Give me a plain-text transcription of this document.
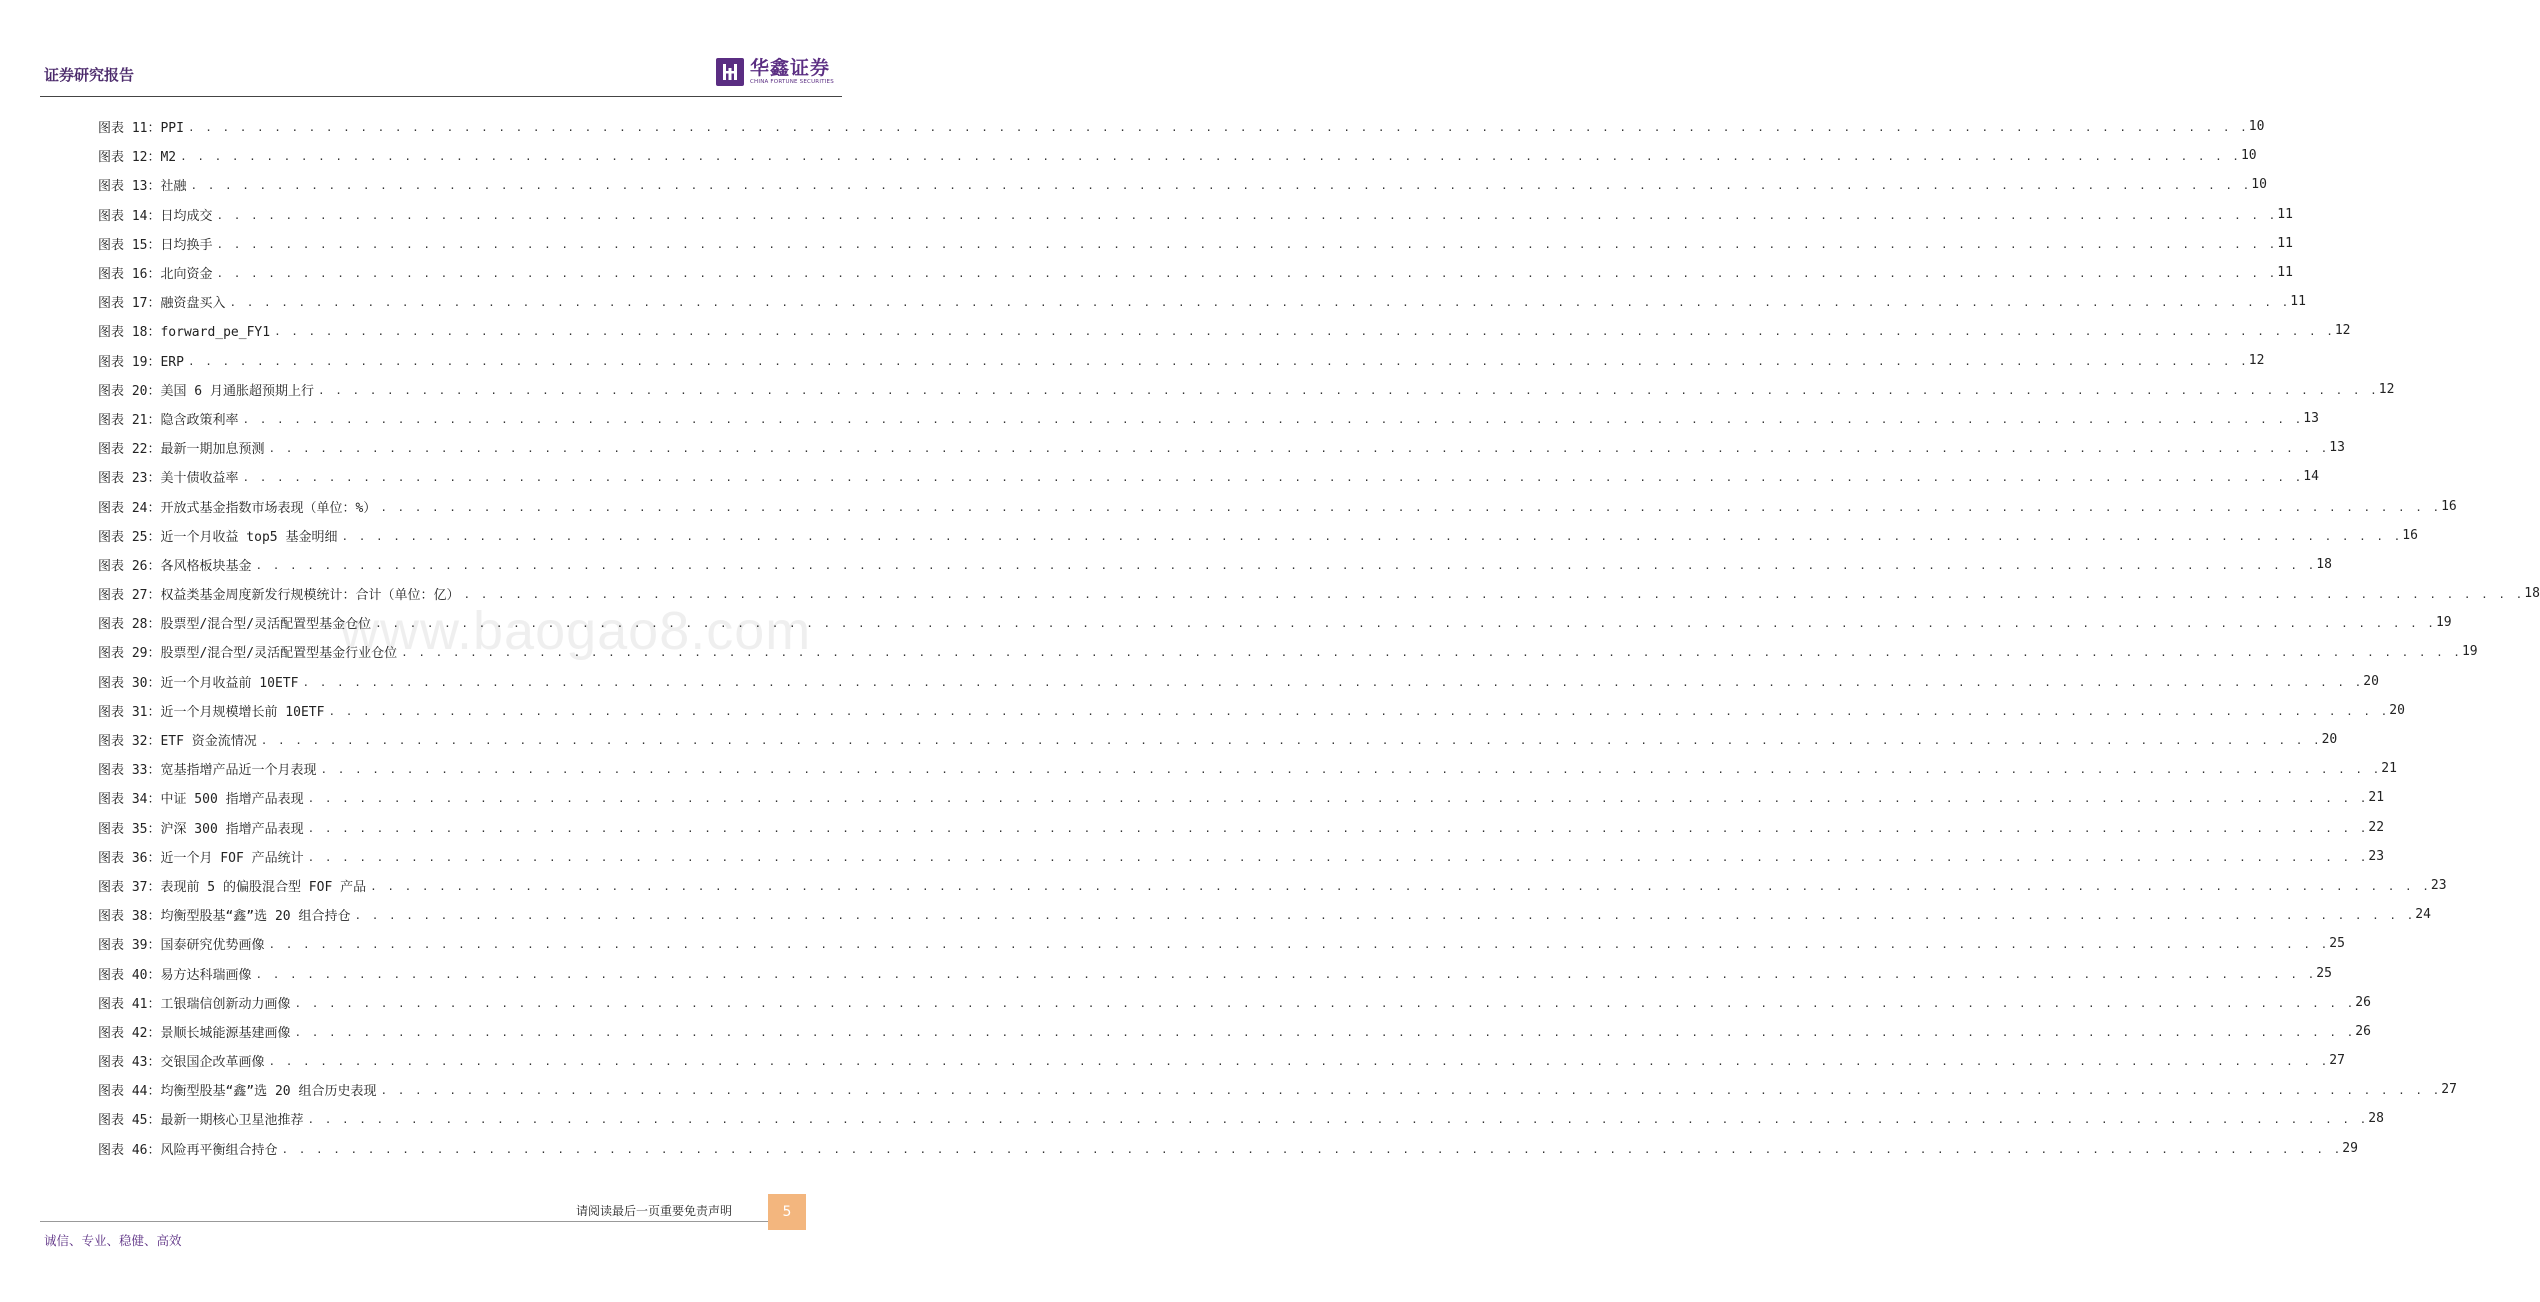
证券研究报告	华鑫证券
CHINA FORTUNE SECURITIES
www.baogao8.com
图表 11：PPI . . . . . . . . . . . . . . . . . . . . . . . . . . . . . . . . . . . . . . . . . . . . . . . . . . . . . . . . . . . . . . . . . . . . . . . . . . . . . . . . . . . . . . . . . . . . . . . . . . . . . . . . . . . . . . . . . . . . . . . . 10
图表 12：M2 . . . . . . . . . . . . . . . . . . . . . . . . . . . . . . . . . . . . . . . . . . . . . . . . . . . . . . . . . . . . . . . . . . . . . . . . . . . . . . . . . . . . . . . . . . . . . . . . . . . . . . . . . . . . . . . . . . . . . . . . 10
图表 13：社融 . . . . . . . . . . . . . . . . . . . . . . . . . . . . . . . . . . . . . . . . . . . . . . . . . . . . . . . . . . . . . . . . . . . . . . . . . . . . . . . . . . . . . . . . . . . . . . . . . . . . . . . . . . . . . . . . . . . . . . . . 10
图表 14：日均成交 . . . . . . . . . . . . . . . . . . . . . . . . . . . . . . . . . . . . . . . . . . . . . . . . . . . . . . . . . . . . . . . . . . . . . . . . . . . . . . . . . . . . . . . . . . . . . . . . . . . . . . . . . . . . . . . . . . . . . . . . 11
图表 15：日均换手 . . . . . . . . . . . . . . . . . . . . . . . . . . . . . . . . . . . . . . . . . . . . . . . . . . . . . . . . . . . . . . . . . . . . . . . . . . . . . . . . . . . . . . . . . . . . . . . . . . . . . . . . . . . . . . . . . . . . . . . . 11
图表 16：北向资金 . . . . . . . . . . . . . . . . . . . . . . . . . . . . . . . . . . . . . . . . . . . . . . . . . . . . . . . . . . . . . . . . . . . . . . . . . . . . . . . . . . . . . . . . . . . . . . . . . . . . . . . . . . . . . . . . . . . . . . . . 11
图表 17：融资盘买入 . . . . . . . . . . . . . . . . . . . . . . . . . . . . . . . . . . . . . . . . . . . . . . . . . . . . . . . . . . . . . . . . . . . . . . . . . . . . . . . . . . . . . . . . . . . . . . . . . . . . . . . . . . . . . . . . . . . . . . . . 11
图表 18：forward_pe_FY1 . . . . . . . . . . . . . . . . . . . . . . . . . . . . . . . . . . . . . . . . . . . . . . . . . . . . . . . . . . . . . . . . . . . . . . . . . . . . . . . . . . . . . . . . . . . . . . . . . . . . . . . . . . . . . . . . . . . . . . . . 12
图表 19：ERP . . . . . . . . . . . . . . . . . . . . . . . . . . . . . . . . . . . . . . . . . . . . . . . . . . . . . . . . . . . . . . . . . . . . . . . . . . . . . . . . . . . . . . . . . . . . . . . . . . . . . . . . . . . . . . . . . . . . . . . . 12
图表 20：美国 6 月通胀超预期上行 . . . . . . . . . . . . . . . . . . . . . . . . . . . . . . . . . . . . . . . . . . . . . . . . . . . . . . . . . . . . . . . . . . . . . . . . . . . . . . . . . . . . . . . . . . . . . . . . . . . . . . . . . . . . . . . . . . . . . . . . 12
图表 21：隐含政策利率 . . . . . . . . . . . . . . . . . . . . . . . . . . . . . . . . . . . . . . . . . . . . . . . . . . . . . . . . . . . . . . . . . . . . . . . . . . . . . . . . . . . . . . . . . . . . . . . . . . . . . . . . . . . . . . . . . . . . . . . . 13
图表 22：最新一期加息预测 . . . . . . . . . . . . . . . . . . . . . . . . . . . . . . . . . . . . . . . . . . . . . . . . . . . . . . . . . . . . . . . . . . . . . . . . . . . . . . . . . . . . . . . . . . . . . . . . . . . . . . . . . . . . . . . . . . . . . . . . 13
图表 23：美十债收益率 . . . . . . . . . . . . . . . . . . . . . . . . . . . . . . . . . . . . . . . . . . . . . . . . . . . . . . . . . . . . . . . . . . . . . . . . . . . . . . . . . . . . . . . . . . . . . . . . . . . . . . . . . . . . . . . . . . . . . . . . 14
图表 24：开放式基金指数市场表现（单位：%） . . . . . . . . . . . . . . . . . . . . . . . . . . . . . . . . . . . . . . . . . . . . . . . . . . . . . . . . . . . . . . . . . . . . . . . . . . . . . . . . . . . . . . . . . . . . . . . . . . . . . . . . . . . . . . . . . . . . . . . . 16
图表 25：近一个月收益 top5 基金明细 . . . . . . . . . . . . . . . . . . . . . . . . . . . . . . . . . . . . . . . . . . . . . . . . . . . . . . . . . . . . . . . . . . . . . . . . . . . . . . . . . . . . . . . . . . . . . . . . . . . . . . . . . . . . . . . . . . . . . . . . 16
图表 26：各风格板块基金 . . . . . . . . . . . . . . . . . . . . . . . . . . . . . . . . . . . . . . . . . . . . . . . . . . . . . . . . . . . . . . . . . . . . . . . . . . . . . . . . . . . . . . . . . . . . . . . . . . . . . . . . . . . . . . . . . . . . . . . . 18
图表 27：权益类基金周度新发行规模统计：合计（单位：亿） . . . . . . . . . . . . . . . . . . . . . . . . . . . . . . . . . . . . . . . . . . . . . . . . . . . . . . . . . . . . . . . . . . . . . . . . . . . . . . . . . . . . . . . . . . . . . . . . . . . . . . . . . . . . . . . . . . . . . . . . 18
图表 28：股票型/混合型/灵活配置型基金仓位 . . . . . . . . . . . . . . . . . . . . . . . . . . . . . . . . . . . . . . . . . . . . . . . . . . . . . . . . . . . . . . . . . . . . . . . . . . . . . . . . . . . . . . . . . . . . . . . . . . . . . . . . . . . . . . . . . . . . . . . . 19
图表 29：股票型/混合型/灵活配置型基金行业仓位 . . . . . . . . . . . . . . . . . . . . . . . . . . . . . . . . . . . . . . . . . . . . . . . . . . . . . . . . . . . . . . . . . . . . . . . . . . . . . . . . . . . . . . . . . . . . . . . . . . . . . . . . . . . . . . . . . . . . . . . . 19
图表 30：近一个月收益前 10ETF . . . . . . . . . . . . . . . . . . . . . . . . . . . . . . . . . . . . . . . . . . . . . . . . . . . . . . . . . . . . . . . . . . . . . . . . . . . . . . . . . . . . . . . . . . . . . . . . . . . . . . . . . . . . . . . . . . . . . . . . 20
图表 31：近一个月规模增长前 10ETF . . . . . . . . . . . . . . . . . . . . . . . . . . . . . . . . . . . . . . . . . . . . . . . . . . . . . . . . . . . . . . . . . . . . . . . . . . . . . . . . . . . . . . . . . . . . . . . . . . . . . . . . . . . . . . . . . . . . . . . . 20
图表 32：ETF 资金流情况 . . . . . . . . . . . . . . . . . . . . . . . . . . . . . . . . . . . . . . . . . . . . . . . . . . . . . . . . . . . . . . . . . . . . . . . . . . . . . . . . . . . . . . . . . . . . . . . . . . . . . . . . . . . . . . . . . . . . . . . . 20
图表 33：宽基指增产品近一个月表现 . . . . . . . . . . . . . . . . . . . . . . . . . . . . . . . . . . . . . . . . . . . . . . . . . . . . . . . . . . . . . . . . . . . . . . . . . . . . . . . . . . . . . . . . . . . . . . . . . . . . . . . . . . . . . . . . . . . . . . . . 21
图表 34：中证 500 指增产品表现 . . . . . . . . . . . . . . . . . . . . . . . . . . . . . . . . . . . . . . . . . . . . . . . . . . . . . . . . . . . . . . . . . . . . . . . . . . . . . . . . . . . . . . . . . . . . . . . . . . . . . . . . . . . . . . . . . . . . . . . . 21
图表 35：沪深 300 指增产品表现 . . . . . . . . . . . . . . . . . . . . . . . . . . . . . . . . . . . . . . . . . . . . . . . . . . . . . . . . . . . . . . . . . . . . . . . . . . . . . . . . . . . . . . . . . . . . . . . . . . . . . . . . . . . . . . . . . . . . . . . . 22
图表 36：近一个月 FOF 产品统计 . . . . . . . . . . . . . . . . . . . . . . . . . . . . . . . . . . . . . . . . . . . . . . . . . . . . . . . . . . . . . . . . . . . . . . . . . . . . . . . . . . . . . . . . . . . . . . . . . . . . . . . . . . . . . . . . . . . . . . . . 23
图表 37：表现前 5 的偏股混合型 FOF 产品 . . . . . . . . . . . . . . . . . . . . . . . . . . . . . . . . . . . . . . . . . . . . . . . . . . . . . . . . . . . . . . . . . . . . . . . . . . . . . . . . . . . . . . . . . . . . . . . . . . . . . . . . . . . . . . . . . . . . . . . . 23
图表 38：均衡型股基“鑫”选 20 组合持仓 . . . . . . . . . . . . . . . . . . . . . . . . . . . . . . . . . . . . . . . . . . . . . . . . . . . . . . . . . . . . . . . . . . . . . . . . . . . . . . . . . . . . . . . . . . . . . . . . . . . . . . . . . . . . . . . . . . . . . . . . 24
图表 39：国泰研究优势画像 . . . . . . . . . . . . . . . . . . . . . . . . . . . . . . . . . . . . . . . . . . . . . . . . . . . . . . . . . . . . . . . . . . . . . . . . . . . . . . . . . . . . . . . . . . . . . . . . . . . . . . . . . . . . . . . . . . . . . . . . 25
图表 40：易方达科瑞画像 . . . . . . . . . . . . . . . . . . . . . . . . . . . . . . . . . . . . . . . . . . . . . . . . . . . . . . . . . . . . . . . . . . . . . . . . . . . . . . . . . . . . . . . . . . . . . . . . . . . . . . . . . . . . . . . . . . . . . . . . 25
图表 41：工银瑞信创新动力画像 . . . . . . . . . . . . . . . . . . . . . . . . . . . . . . . . . . . . . . . . . . . . . . . . . . . . . . . . . . . . . . . . . . . . . . . . . . . . . . . . . . . . . . . . . . . . . . . . . . . . . . . . . . . . . . . . . . . . . . . . 26
图表 42：景顺长城能源基建画像 . . . . . . . . . . . . . . . . . . . . . . . . . . . . . . . . . . . . . . . . . . . . . . . . . . . . . . . . . . . . . . . . . . . . . . . . . . . . . . . . . . . . . . . . . . . . . . . . . . . . . . . . . . . . . . . . . . . . . . . . 26
图表 43：交银国企改革画像 . . . . . . . . . . . . . . . . . . . . . . . . . . . . . . . . . . . . . . . . . . . . . . . . . . . . . . . . . . . . . . . . . . . . . . . . . . . . . . . . . . . . . . . . . . . . . . . . . . . . . . . . . . . . . . . . . . . . . . . . 27
图表 44：均衡型股基“鑫”选 20 组合历史表现 . . . . . . . . . . . . . . . . . . . . . . . . . . . . . . . . . . . . . . . . . . . . . . . . . . . . . . . . . . . . . . . . . . . . . . . . . . . . . . . . . . . . . . . . . . . . . . . . . . . . . . . . . . . . . . . . . . . . . . . . 27
图表 45：最新一期核心卫星池推荐 . . . . . . . . . . . . . . . . . . . . . . . . . . . . . . . . . . . . . . . . . . . . . . . . . . . . . . . . . . . . . . . . . . . . . . . . . . . . . . . . . . . . . . . . . . . . . . . . . . . . . . . . . . . . . . . . . . . . . . . . 28
图表 46：风险再平衡组合持仓 . . . . . . . . . . . . . . . . . . . . . . . . . . . . . . . . . . . . . . . . . . . . . . . . . . . . . . . . . . . . . . . . . . . . . . . . . . . . . . . . . . . . . . . . . . . . . . . . . . . . . . . . . . . . . . . . . . . . . . . . 29
请阅读最后一页重要免责声明	5
诚信、专业、稳健、高效
